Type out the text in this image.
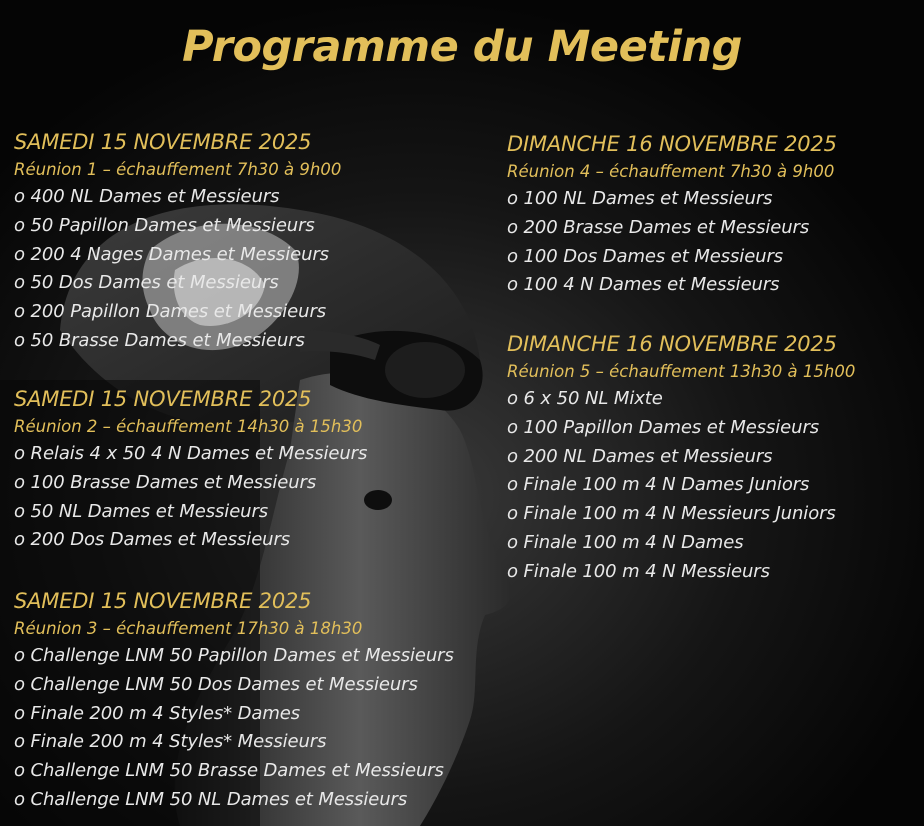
Programme du Meeting
SAMEDI 15 NOVEMBRE 2025
Réunion 1 – échauffement 7h30 à 9h00
o 400 NL Dames et Messieurs
o 50 Papillon Dames et Messieurs
o 200 4 Nages Dames et Messieurs
o 50 Dos Dames et Messieurs
o 200 Papillon Dames et Messieurs
o 50 Brasse Dames et Messieurs
SAMEDI 15 NOVEMBRE 2025
Réunion 2 – échauffement 14h30 à 15h30
o Relais 4 x 50 4 N Dames et Messieurs
o 100 Brasse Dames et Messieurs
o 50 NL Dames et Messieurs
o 200 Dos Dames et Messieurs
SAMEDI 15 NOVEMBRE 2025
Réunion 3 – échauffement 17h30 à 18h30
o Challenge LNM 50 Papillon Dames et Messieurs
o Challenge LNM 50 Dos Dames et Messieurs
o Finale 200 m 4 Styles* Dames
o Finale 200 m 4 Styles* Messieurs
o Challenge LNM 50 Brasse Dames et Messieurs
o Challenge LNM 50 NL Dames et Messieurs
DIMANCHE 16 NOVEMBRE 2025
Réunion 4 – échauffement 7h30 à 9h00
o 100 NL Dames et Messieurs
o 200 Brasse Dames et Messieurs
o 100 Dos Dames et Messieurs
o 100 4 N Dames et Messieurs
DIMANCHE 16 NOVEMBRE 2025
Réunion 5 – échauffement 13h30 à 15h00
o 6 x 50 NL Mixte
o 100 Papillon Dames et Messieurs
o 200 NL Dames et Messieurs
o Finale 100 m 4 N Dames Juniors
o Finale 100 m 4 N Messieurs Juniors
o Finale 100 m 4 N Dames
o Finale 100 m 4 N Messieurs
